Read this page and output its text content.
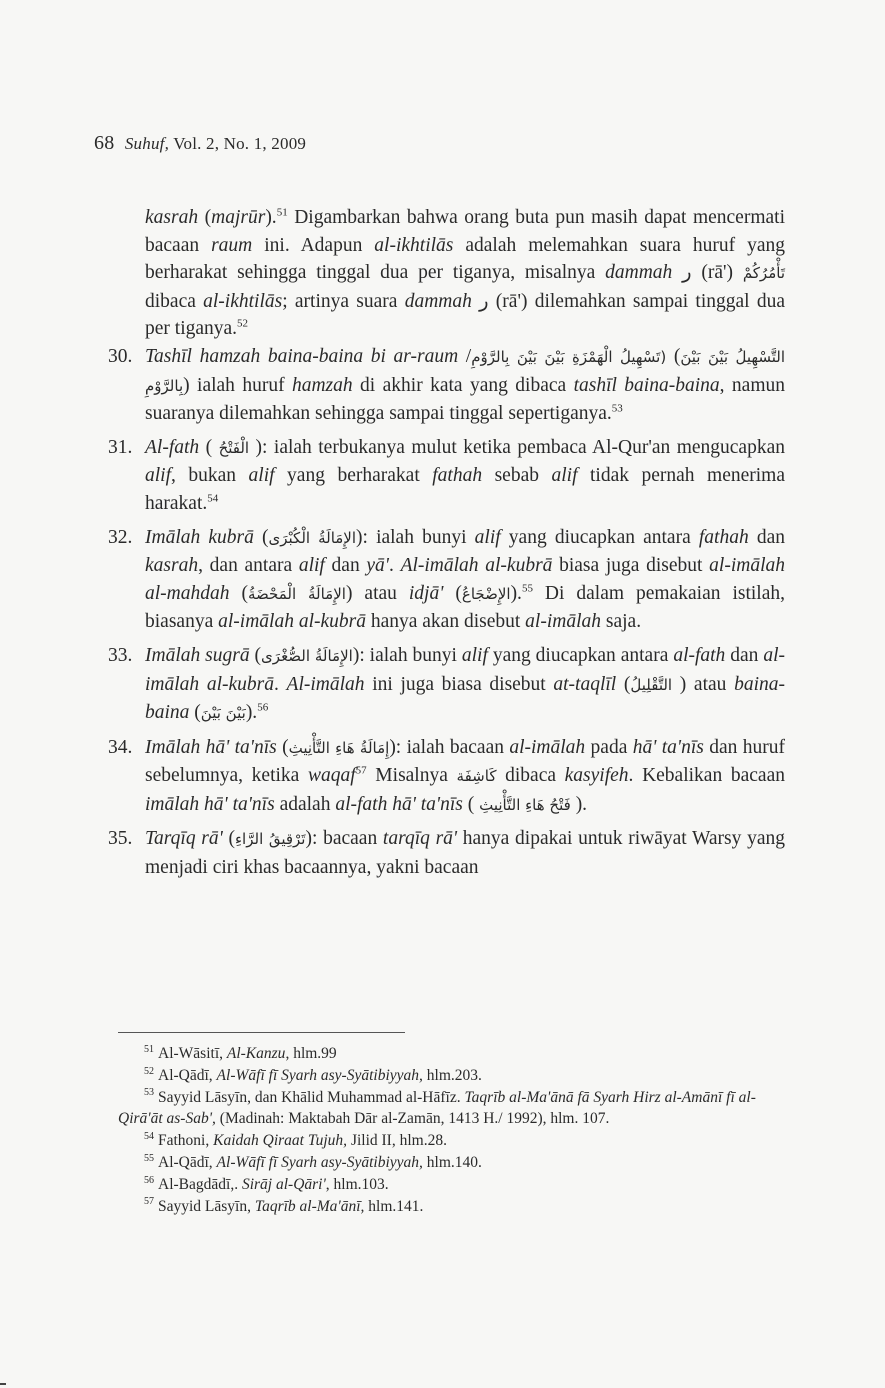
68 Suhuf, Vol. 2, No. 1, 2009

kasrah (majrūr).$^{51}$ Digambarkan bahwa orang buta pun masih dapat mencermati bacaan raum ini. Adapun al-ikhtilās adalah melemahkan suara huruf yang berharakat sehingga tinggal dua per tiganya, misalnya dammah ر (rā') تَأْمُرُكُمْ dibaca al-ikhtilās; artinya suara dammah ر (rā') dilemahkan sampai tinggal dua per tiganya.$^{52}$

30. Tashīl hamzah baina-baina bi ar-raum /(تَسْهِيلُ الْهَمْزَةِ بَيْنَ بَيْنَ بِالرَّوْمِ (التَّسْهِيلُ بَيْنَ بَيْنَ بِالرَّوْمِ) ialah huruf hamzah di akhir kata yang dibaca tashīl baina-baina, namun suaranya dilemahkan sehingga sampai tinggal sepertiganya.$^{53}$

31. Al-fath ( الْفَتْحُ ): ialah terbukanya mulut ketika pembaca Al-Qur'an mengucapkan alif, bukan alif yang berharakat fathah sebab alif tidak pernah menerima harakat.$^{54}$

32. Imālah kubrā (الإِمَالَةُ الْكُبْرَى): ialah bunyi alif yang diucapkan antara fathah dan kasrah, dan antara alif dan yā'. Al-imālah al-kubrā biasa juga disebut al-imālah al-mahdah (الإِمَالَةُ الْمَحْضَةُ) atau idjā' (الإِضْجَاعُ).$^{55}$ Di dalam pemakaian istilah, biasanya al-imālah al-kubrā hanya akan disebut al-imālah saja.

33. Imālah sugrā (الإِمَالَةُ الصُّغْرَى): ialah bunyi alif yang diucapkan antara al-fath dan al-imālah al-kubrā. Al-imālah ini juga biasa disebut at-taqlīl (التَّقْلِيلُ ) atau baina-baina (بَيْنَ بَيْنَ).$^{56}$

34. Imālah hā' ta'nīs (إِمَالَةُ هَاءِ التَّأْنِيثِ): ialah bacaan al-imālah pada hā' ta'nīs dan huruf sebelumnya, ketika waqaf$^{57}$ Misalnya كَاشِفَة dibaca kasyifeh. Kebalikan bacaan imālah hā' ta'nīs adalah al-fath hā' ta'nīs ( فَتْحُ هَاءِ التَّأْنِيثِ ).

35. Tarqīq rā' (تَرْقِيقُ الرَّاءِ): bacaan tarqīq rā' hanya dipakai untuk riwāyat Warsy yang menjadi ciri khas bacaannya, yakni bacaan

$^{51}$ Al-Wāsitī, Al-Kanzu, hlm.99

$^{52}$ Al-Qādī, Al-Wāfī fī Syarh asy-Syātibiyyah, hlm.203.

$^{53}$ Sayyid Lāsyīn, dan Khālid Muhammad al-Hāfīz. Taqrīb al-Ma'ānā fā Syarh Hirz al-Amānī fī al-Qirā'āt as-Sab', (Madinah: Maktabah Dār al-Zamān, 1413 H./ 1992), hlm. 107.

$^{54}$ Fathoni, Kaidah Qiraat Tujuh, Jilid II, hlm.28.

$^{55}$ Al-Qādī, Al-Wāfī fī Syarh asy-Syātibiyyah, hlm.140.

$^{56}$ Al-Bagdādī,. Sirāj al-Qāri', hlm.103.

$^{57}$ Sayyid Lāsyīn, Taqrīb al-Ma'ānī, hlm.141.
